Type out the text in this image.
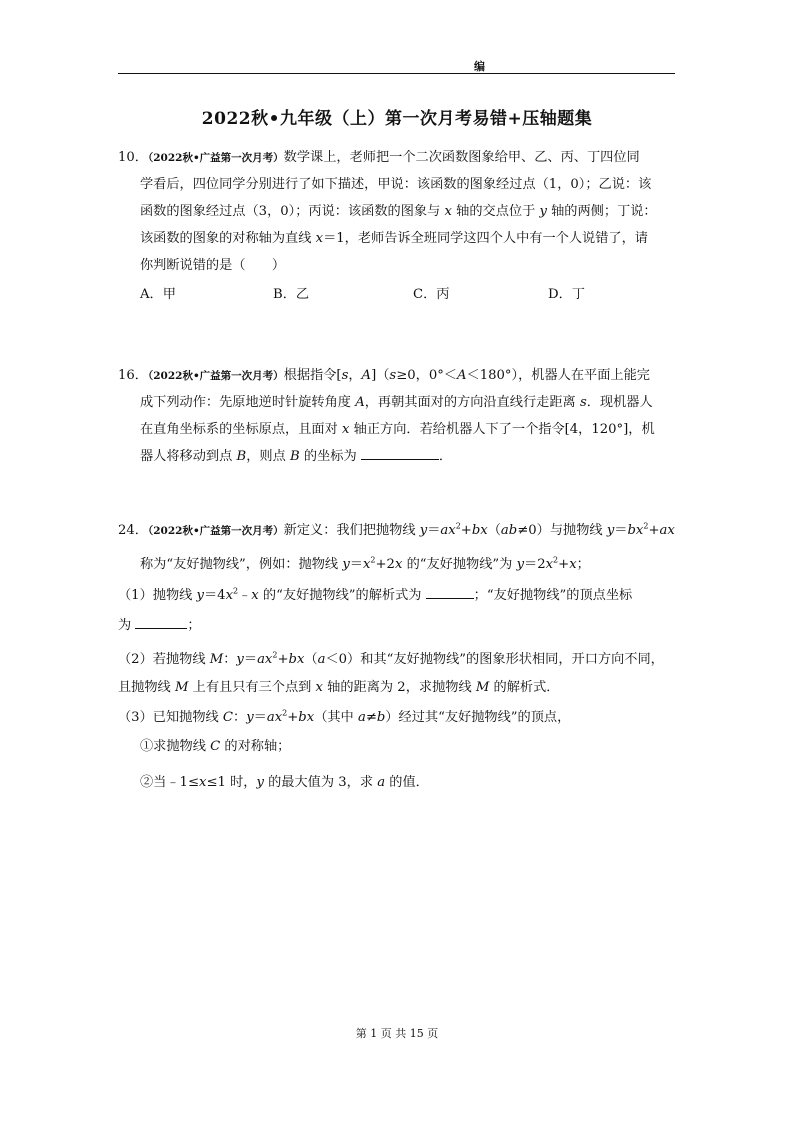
编
2022秋•九年级（上）第一次月考易错+压轴题集
10．（2022秋•广益第一次月考）数学课上，老师把一个二次函数图象给甲、乙、丙、丁四位同
学看后，四位同学分别进行了如下描述，甲说：该函数的图象经过点（1，0）；乙说：该
函数的图象经过点（3，0）；丙说：该函数的图象与 x 轴的交点位于 y 轴的两侧；丁说：
该函数的图象的对称轴为直线 x＝1，老师告诉全班同学这四个人中有一个人说错了，请
你判断说错的是（　　）
A．甲	B．乙	C．丙	D．丁
16．（2022秋•广益第一次月考）根据指令[s，A]（s≥0，0°＜A＜180°），机器人在平面上能完
成下列动作：先原地逆时针旋转角度 A，再朝其面对的方向沿直线行走距离 s．现机器人
在直角坐标系的坐标原点，且面对 x 轴正方向．若给机器人下了一个指令[4，120°]，机
器人将移动到点 B，则点 B 的坐标为	．
24．（2022秋•广益第一次月考）新定义：我们把抛物线 $y=ax^2+bx(ab\ne 0)$与抛物线 $y=bx^2+ax$
称为“友好抛物线”，例如：抛物线 $y=x^2+2x$ 的“友好抛物线”为 $y=2x^2+x$；
（1）抛物线 $y=4x^2﹣x$ 的“友好抛物线”的解析式为	；“友好抛物线”的顶点坐标
为	；
（2）若抛物线 M：$y=ax^2+bx(a<0)$和其“友好抛物线”的图象形状相同，开口方向不同，
且抛物线 M 上有且只有三个点到 x 轴的距离为 2，求抛物线 M 的解析式．
（3）已知抛物线 C：$y=ax^2+bx$（其中 a≠b）经过其“友好抛物线”的顶点，
①求抛物线 C 的对称轴；
②当﹣1≤x≤1 时，y 的最大值为 3，求 a 的值．
第 1 页 共 15 页
